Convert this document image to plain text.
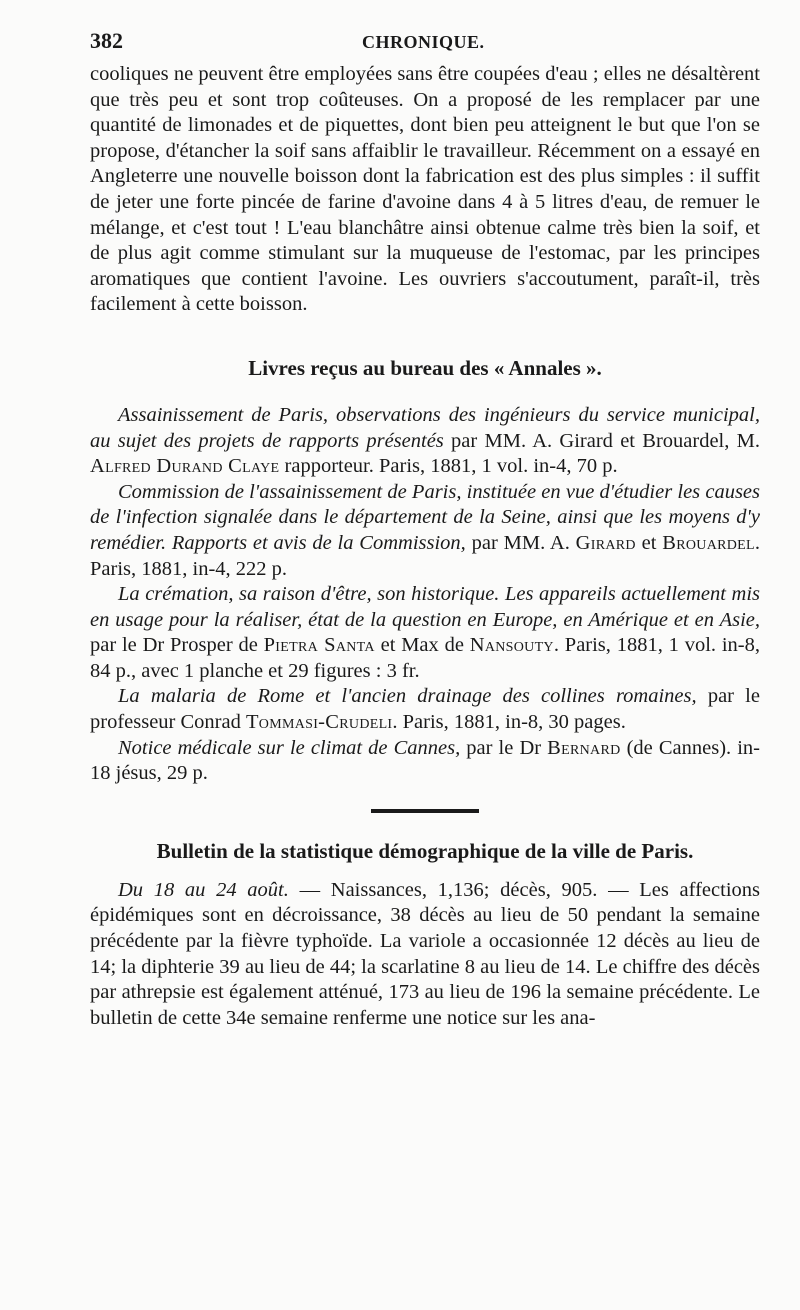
382	CHRONIQUE.

cooliques ne peuvent être employées sans être coupées d'eau ; elles ne désaltèrent que très peu et sont trop coûteuses. On a proposé de les remplacer par une quantité de limonades et de piquettes, dont bien peu atteignent le but que l'on se propose, d'étancher la soif sans affaiblir le travailleur. Récemment on a essayé en Angleterre une nouvelle boisson dont la fabrication est des plus simples : il suffit de jeter une forte pincée de farine d'avoine dans 4 à 5 litres d'eau, de remuer le mélange, et c'est tout ! L'eau blanchâtre ainsi obtenue calme très bien la soif, et de plus agit comme stimulant sur la muqueuse de l'estomac, par les principes aromatiques que contient l'avoine. Les ouvriers s'accoutument, paraît-il, très facilement à cette boisson.

Livres reçus au bureau des « Annales ».

Assainissement de Paris, observations des ingénieurs du service municipal, au sujet des projets de rapports présentés par MM. A. Girard et Brouardel, M. Alfred Durand Claye rapporteur. Paris, 1881, 1 vol. in-4, 70 p.

Commission de l'assainissement de Paris, instituée en vue d'étudier les causes de l'infection signalée dans le département de la Seine, ainsi que les moyens d'y remédier. Rapports et avis de la Commission, par MM. A. Girard et Brouardel. Paris, 1881, in-4, 222 p.

La crémation, sa raison d'être, son historique. Les appareils actuellement mis en usage pour la réaliser, état de la question en Europe, en Amérique et en Asie, par le Dr Prosper de Pietra Santa et Max de Nansouty. Paris, 1881, 1 vol. in-8, 84 p., avec 1 planche et 29 figures : 3 fr.

La malaria de Rome et l'ancien drainage des collines romaines, par le professeur Conrad Tommasi-Crudeli. Paris, 1881, in-8, 30 pages.

Notice médicale sur le climat de Cannes, par le Dr Bernard (de Cannes). in-18 jésus, 29 p.

Bulletin de la statistique démographique de la ville de Paris.

Du 18 au 24 août. — Naissances, 1,136; décès, 905. — Les affections épidémiques sont en décroissance, 38 décès au lieu de 50 pendant la semaine précédente par la fièvre typhoïde. La variole a occasionnée 12 décès au lieu de 14; la diphterie 39 au lieu de 44; la scarlatine 8 au lieu de 14. Le chiffre des décès par athrepsie est également atténué, 173 au lieu de 196 la semaine précédente. Le bulletin de cette 34e semaine renferme une notice sur les ana-
